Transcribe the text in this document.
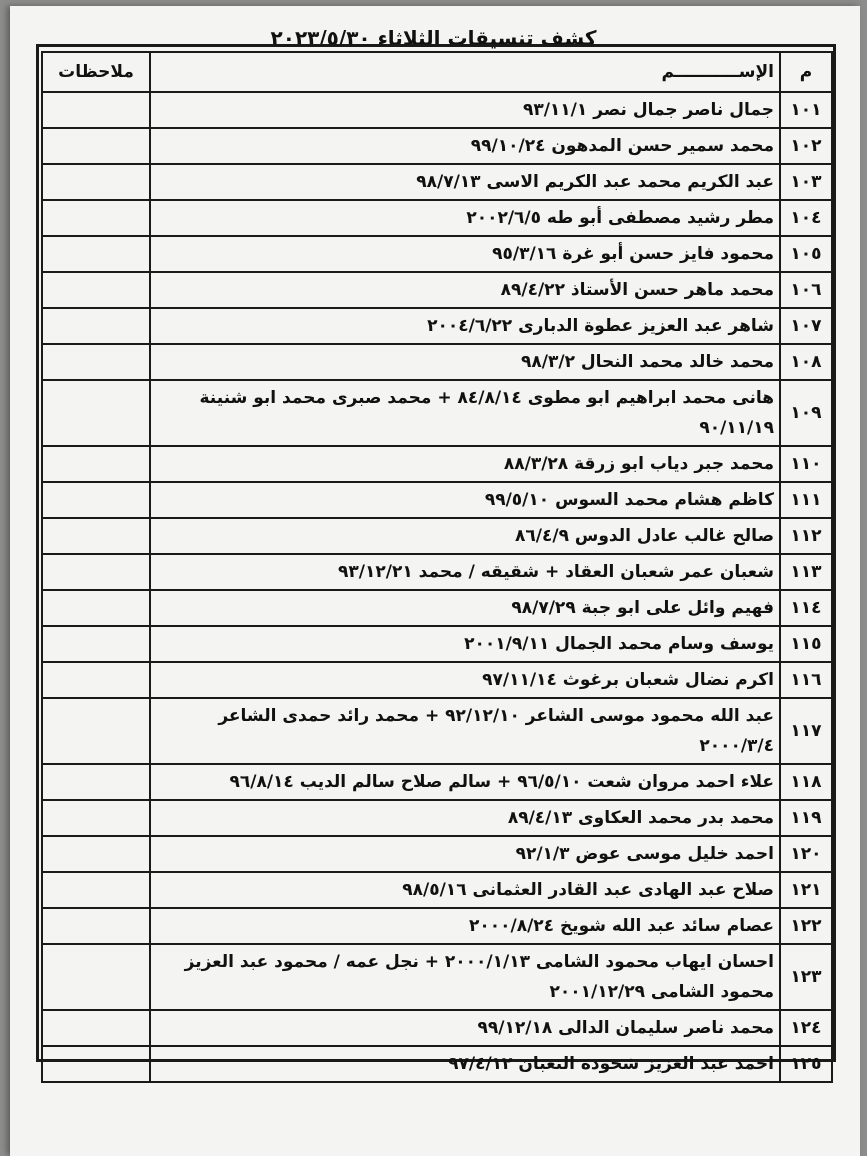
كشف تنسيقات الثلاثاء ٢٠٢٣/٥/٣٠
م	الإســـــــــــم	ملاحظات
١٠١	جمال ناصر جمال نصر ٩٣/١١/١	

١٠٢	محمد سمير حسن المدهون ٩٩/١٠/٢٤	

١٠٣	عبد الكريم محمد عبد الكريم الاسى ٩٨/٧/١٣	

١٠٤	مطر رشيد مصطفى أبو طه ٢٠٠٢/٦/٥	

١٠٥	محمود فايز حسن أبو غرة ٩٥/٣/١٦	

١٠٦	محمد ماهر حسن الأستاذ ٨٩/٤/٢٢	

١٠٧	شاهر عبد العزيز عطوة الدبارى ٢٠٠٤/٦/٢٢	

١٠٨	محمد خالد محمد النحال ٩٨/٣/٢	

١٠٩	هانى محمد ابراهيم ابو مطوى ٨٤/٨/١٤ + محمد صبرى محمد ابو شنينة ٩٠/١١/١٩	

١١٠	محمد جبر دياب ابو زرقة ٨٨/٣/٢٨	

١١١	كاظم هشام محمد السوس ٩٩/٥/١٠	

١١٢	صالح غالب عادل الدوس ٨٦/٤/٩	

١١٣	شعبان عمر شعبان العقاد + شقيقه / محمد ٩٣/١٢/٢١	

١١٤	فهيم وائل على ابو جبة ٩٨/٧/٢٩	

١١٥	يوسف وسام محمد الجمال ٢٠٠١/٩/١١	

١١٦	اكرم نضال شعبان برغوث ٩٧/١١/١٤	

١١٧	عبد الله محمود موسى الشاعر ٩٢/١٢/١٠ + محمد رائد حمدى الشاعر ٢٠٠٠/٣/٤	

١١٨	علاء احمد مروان شعت ٩٦/٥/١٠ + سالم صلاح سالم الديب ٩٦/٨/١٤	

١١٩	محمد بدر محمد العكاوى ٨٩/٤/١٣	

١٢٠	احمد خليل موسى عوض ٩٢/١/٣	

١٢١	صلاح عبد الهادى عبد القادر العثمانى ٩٨/٥/١٦	

١٢٢	عصام سائد عبد الله شويخ ٢٠٠٠/٨/٢٤	

١٢٣	احسان ايهاب محمود الشامى ٢٠٠٠/١/١٣ + نجل عمه / محمود عبد العزيز محمود الشامى ٢٠٠١/١٢/٢٩	

١٢٤	محمد ناصر سليمان الدالى ٩٩/١٢/١٨	

١٢٥	احمد عبد العزيز شحودة التعبان ٩٧/٤/١٢	
